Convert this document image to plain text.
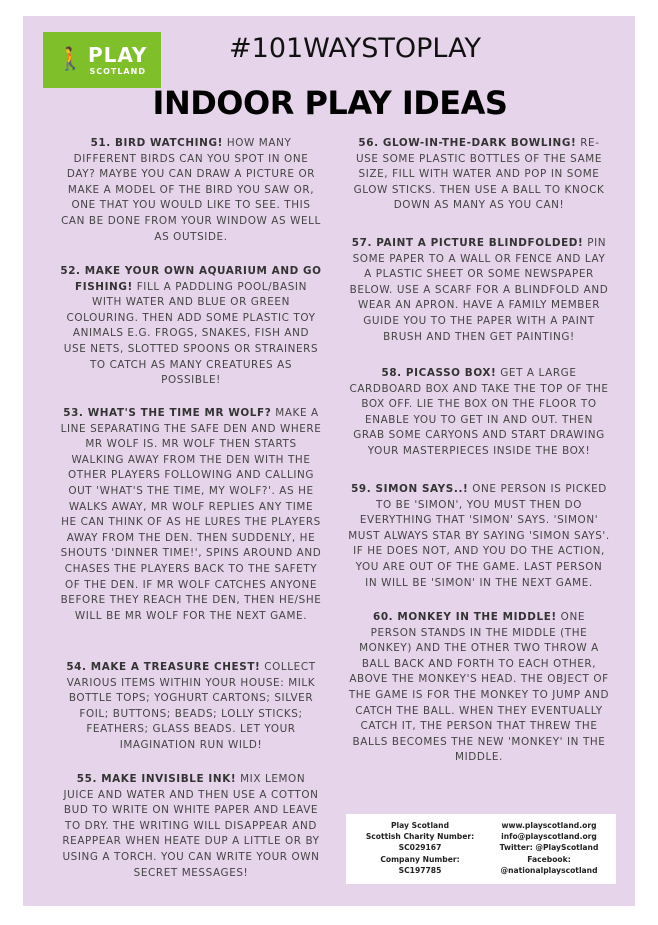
🚶 PLAY
SCOTLAND
#101WAYSTOPLAY
INDOOR PLAY IDEAS
51. BIRD WATCHING! HOW MANY DIFFERENT BIRDS CAN YOU SPOT IN ONE DAY? MAYBE YOU CAN DRAW A PICTURE OR MAKE A MODEL OF THE BIRD YOU SAW OR, ONE THAT YOU WOULD LIKE TO SEE. THIS CAN BE DONE FROM YOUR WINDOW AS WELL AS OUTSIDE.
52. MAKE YOUR OWN AQUARIUM AND GO FISHING! FILL A PADDLING POOL/BASIN WITH WATER AND BLUE OR GREEN COLOURING. THEN ADD SOME PLASTIC TOY ANIMALS E.G. FROGS, SNAKES, FISH AND USE NETS, SLOTTED SPOONS OR STRAINERS TO CATCH AS MANY CREATURES AS POSSIBLE!
53. WHAT'S THE TIME MR WOLF? MAKE A LINE SEPARATING THE SAFE DEN AND WHERE MR WOLF IS. MR WOLF THEN STARTS WALKING AWAY FROM THE DEN WITH THE OTHER PLAYERS FOLLOWING AND CALLING OUT 'WHAT'S THE TIME, MY WOLF?'. AS HE WALKS AWAY, MR WOLF REPLIES ANY TIME HE CAN THINK OF AS HE LURES THE PLAYERS AWAY FROM THE DEN. THEN SUDDENLY, HE SHOUTS 'DINNER TIME!', SPINS AROUND AND CHASES THE PLAYERS BACK TO THE SAFETY OF THE DEN. IF MR WOLF CATCHES ANYONE BEFORE THEY REACH THE DEN, THEN HE/SHE WILL BE MR WOLF FOR THE NEXT GAME.
54. MAKE A TREASURE CHEST! COLLECT VARIOUS ITEMS WITHIN YOUR HOUSE: MILK BOTTLE TOPS; YOGHURT CARTONS; SILVER FOIL; BUTTONS; BEADS; LOLLY STICKS; FEATHERS; GLASS BEADS. LET YOUR IMAGINATION RUN WILD!
55. MAKE INVISIBLE INK! MIX LEMON JUICE AND WATER AND THEN USE A COTTON BUD TO WRITE ON WHITE PAPER AND LEAVE TO DRY. THE WRITING WILL DISAPPEAR AND REAPPEAR WHEN HEATE DUP A LITTLE OR BY USING A TORCH. YOU CAN WRITE YOUR OWN SECRET MESSAGES!
56. GLOW-IN-THE-DARK BOWLING! RE-USE SOME PLASTIC BOTTLES OF THE SAME SIZE, FILL WITH WATER AND POP IN SOME GLOW STICKS. THEN USE A BALL TO KNOCK DOWN AS MANY AS YOU CAN!
57. PAINT A PICTURE BLINDFOLDED! PIN SOME PAPER TO A WALL OR FENCE AND LAY A PLASTIC SHEET OR SOME NEWSPAPER BELOW. USE A SCARF FOR A BLINDFOLD AND WEAR AN APRON. HAVE A FAMILY MEMBER GUIDE YOU TO THE PAPER WITH A PAINT BRUSH AND THEN GET PAINTING!
58. PICASSO BOX! GET A LARGE CARDBOARD BOX AND TAKE THE TOP OF THE BOX OFF. LIE THE BOX ON THE FLOOR TO ENABLE YOU TO GET IN AND OUT. THEN GRAB SOME CARYONS AND START DRAWING YOUR MASTERPIECES INSIDE THE BOX!
59. SIMON SAYS..! ONE PERSON IS PICKED TO BE 'SIMON', YOU MUST THEN DO EVERYTHING THAT 'SIMON' SAYS. 'SIMON' MUST ALWAYS STAR BY SAYING 'SIMON SAYS'. IF HE DOES NOT, AND YOU DO THE ACTION, YOU ARE OUT OF THE GAME. LAST PERSON IN WILL BE 'SIMON' IN THE NEXT GAME.
60. MONKEY IN THE MIDDLE! ONE PERSON STANDS IN THE MIDDLE (THE MONKEY) AND THE OTHER TWO THROW A BALL BACK AND FORTH TO EACH OTHER, ABOVE THE MONKEY'S HEAD. THE OBJECT OF THE GAME IS FOR THE MONKEY TO JUMP AND CATCH THE BALL. WHEN THEY EVENTUALLY CATCH IT, THE PERSON THAT THREW THE BALLS BECOMES THE NEW 'MONKEY' IN THE MIDDLE.
Play Scotland
Scottish Charity Number:
SC029167
Company Number:
SC197785
www.playscotland.org
info@playscotland.org
Twitter: @PlayScotland
Facebook:
@nationalplayscotland
